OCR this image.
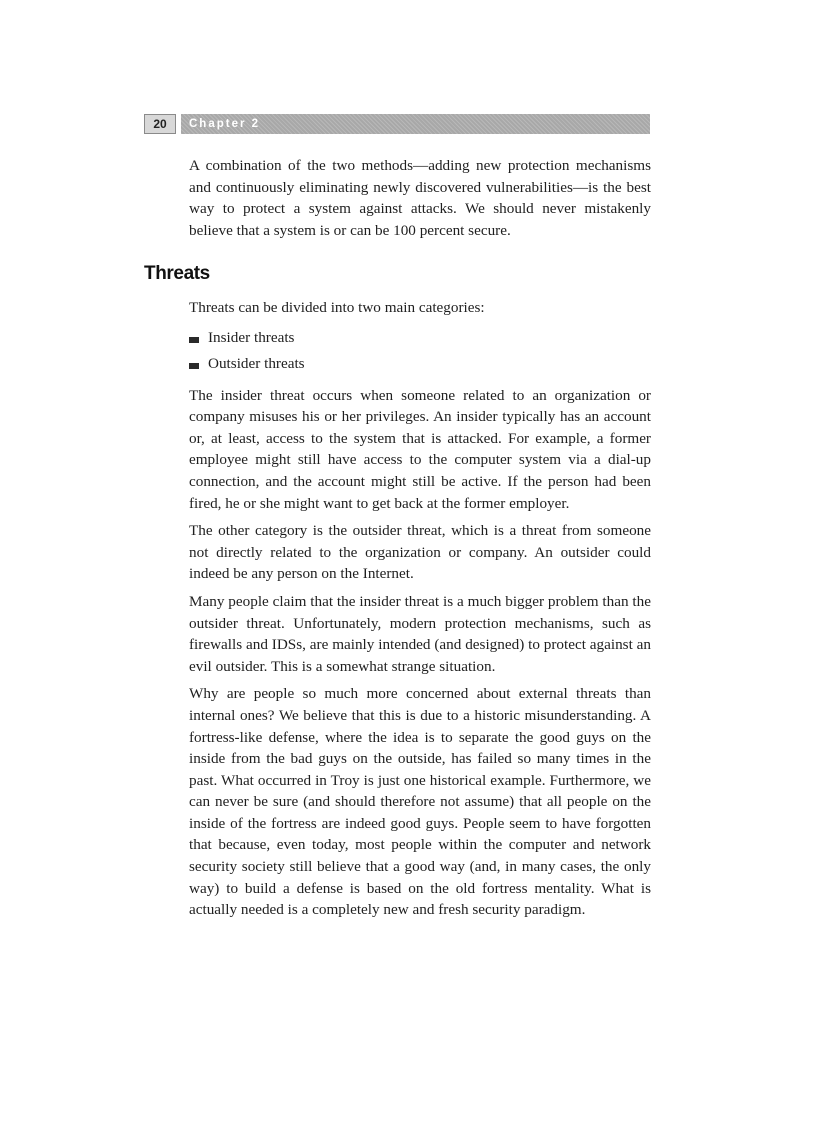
20	Chapter 2

A combination of the two methods—adding new protection mechanisms and continuously eliminating newly discovered vulnerabilities—is the best way to protect a system against attacks. We should never mistakenly believe that a system is or can be 100 percent secure.

Threats

Threats can be divided into two main categories:

Insider threats
Outsider threats

The insider threat occurs when someone related to an organization or company misuses his or her privileges. An insider typically has an account or, at least, access to the system that is attacked. For example, a former employee might still have access to the computer system via a dial-up connection, and the account might still be active. If the person had been fired, he or she might want to get back at the former employer.

The other category is the outsider threat, which is a threat from someone not directly related to the organization or company. An outsider could indeed be any person on the Internet.

Many people claim that the insider threat is a much bigger problem than the outsider threat. Unfortunately, modern protection mechanisms, such as firewalls and IDSs, are mainly intended (and designed) to protect against an evil outsider. This is a somewhat strange situation.

Why are people so much more concerned about external threats than internal ones? We believe that this is due to a historic misunderstanding. A fortress-like defense, where the idea is to separate the good guys on the inside from the bad guys on the outside, has failed so many times in the past. What occurred in Troy is just one historical example. Furthermore, we can never be sure (and should therefore not assume) that all people on the inside of the fortress are indeed good guys. People seem to have forgotten that because, even today, most people within the computer and network security society still believe that a good way (and, in many cases, the only way) to build a defense is based on the old fortress mentality. What is actually needed is a completely new and fresh security paradigm.
